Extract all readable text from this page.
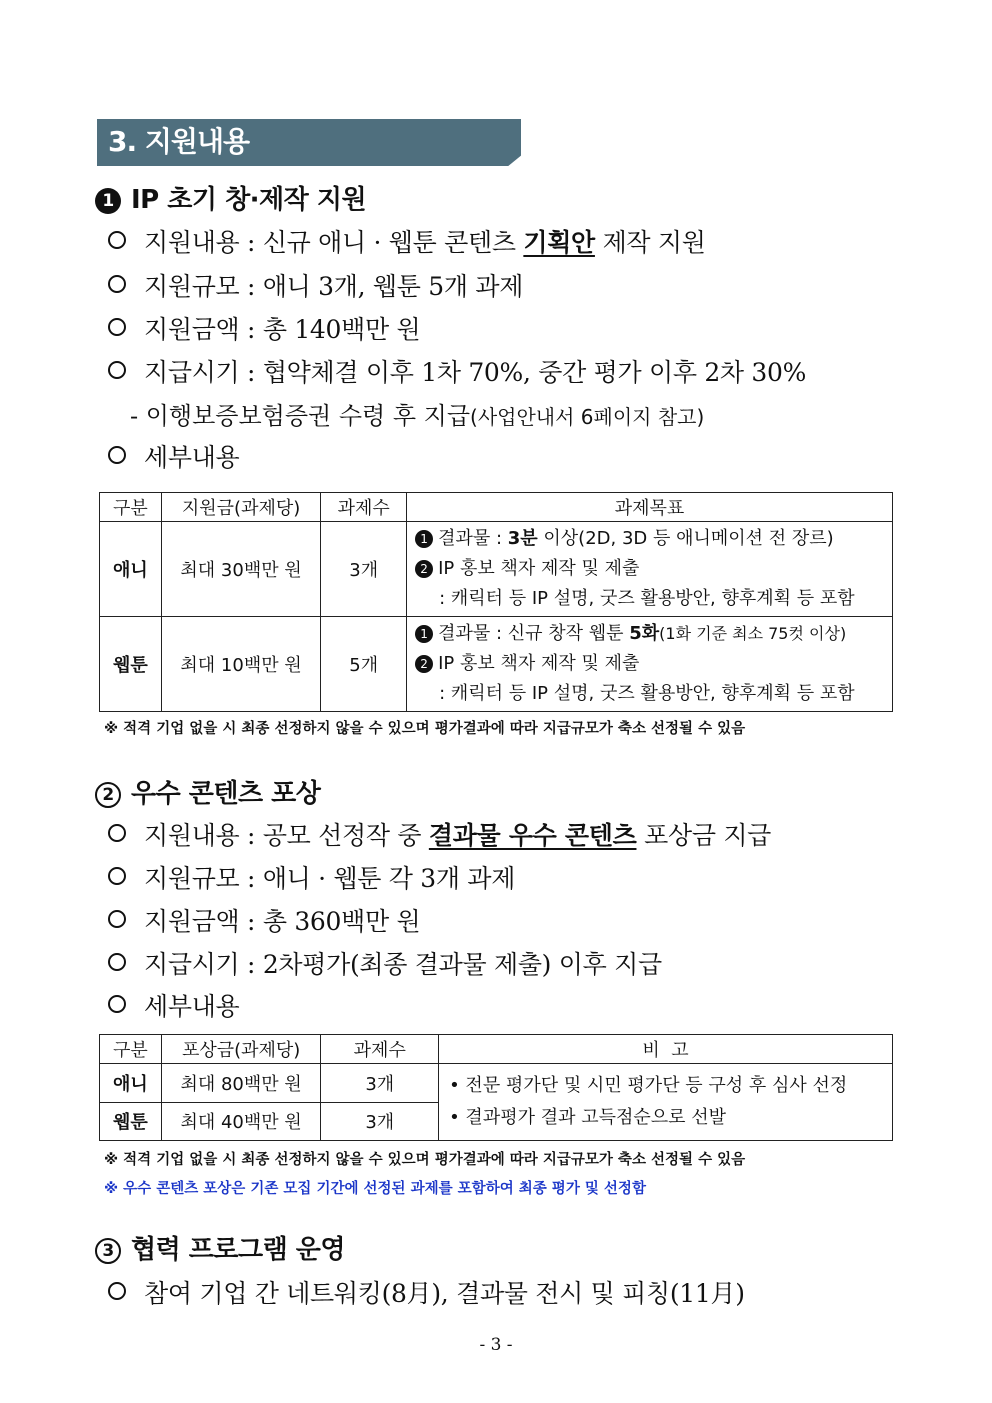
3. 지원내용
1 IP 초기 창·제작 지원
지원내용 : 신규 애니 · 웹툰 콘텐츠 기획안 제작 지원
지원규모 : 애니 3개, 웹툰 5개 과제
지원금액 : 총 140백만 원
지급시기 : 협약체결 이후 1차 70%, 중간 평가 이후 2차 30%
- 이행보증보험증권 수령 후 지급(사업안내서 6페이지 참고)
세부내용
구분	지원금(과제당)	과제수	과제목표
애니	최대 30백만 원	3개	1 결과물 : 3분 이상(2D, 3D 등 애니메이션 전 장르)
2 IP 홍보 책자 제작 및 제출
: 캐릭터 등 IP 설명, 굿즈 활용방안, 향후계획 등 포함

웹툰	최대 10백만 원	5개	1 결과물 : 신규 창작 웹툰 5화(1화 기준 최소 75컷 이상)
2 IP 홍보 책자 제작 및 제출
: 캐릭터 등 IP 설명, 굿즈 활용방안, 향후계획 등 포함
※ 적격 기업 없을 시 최종 선정하지 않을 수 있으며 평가결과에 따라 지급규모가 축소 선정될 수 있음
2 우수 콘텐츠 포상
지원내용 : 공모 선정작 중 결과물 우수 콘텐츠 포상금 지급
지원규모 : 애니 · 웹툰 각 3개 과제
지원금액 : 총 360백만 원
지급시기 : 2차평가(최종 결과물 제출) 이후 지급
세부내용
구분	포상금(과제당)	과제수	비  고
애니	최대 80백만 원	3개	• 전문 평가단 및 시민 평가단 등 구성 후 심사 선정
• 결과평가 결과 고득점순으로 선발

웹툰	최대 40백만 원	3개	
※ 적격 기업 없을 시 최종 선정하지 않을 수 있으며 평가결과에 따라 지급규모가 축소 선정될 수 있음
※ 우수 콘텐츠 포상은 기존 모집 기간에 선정된 과제를 포함하여 최종 평가 및 선정함
3 협력 프로그램 운영
참여 기업 간 네트워킹(8月), 결과물 전시 및 피칭(11月)
- 3 -
